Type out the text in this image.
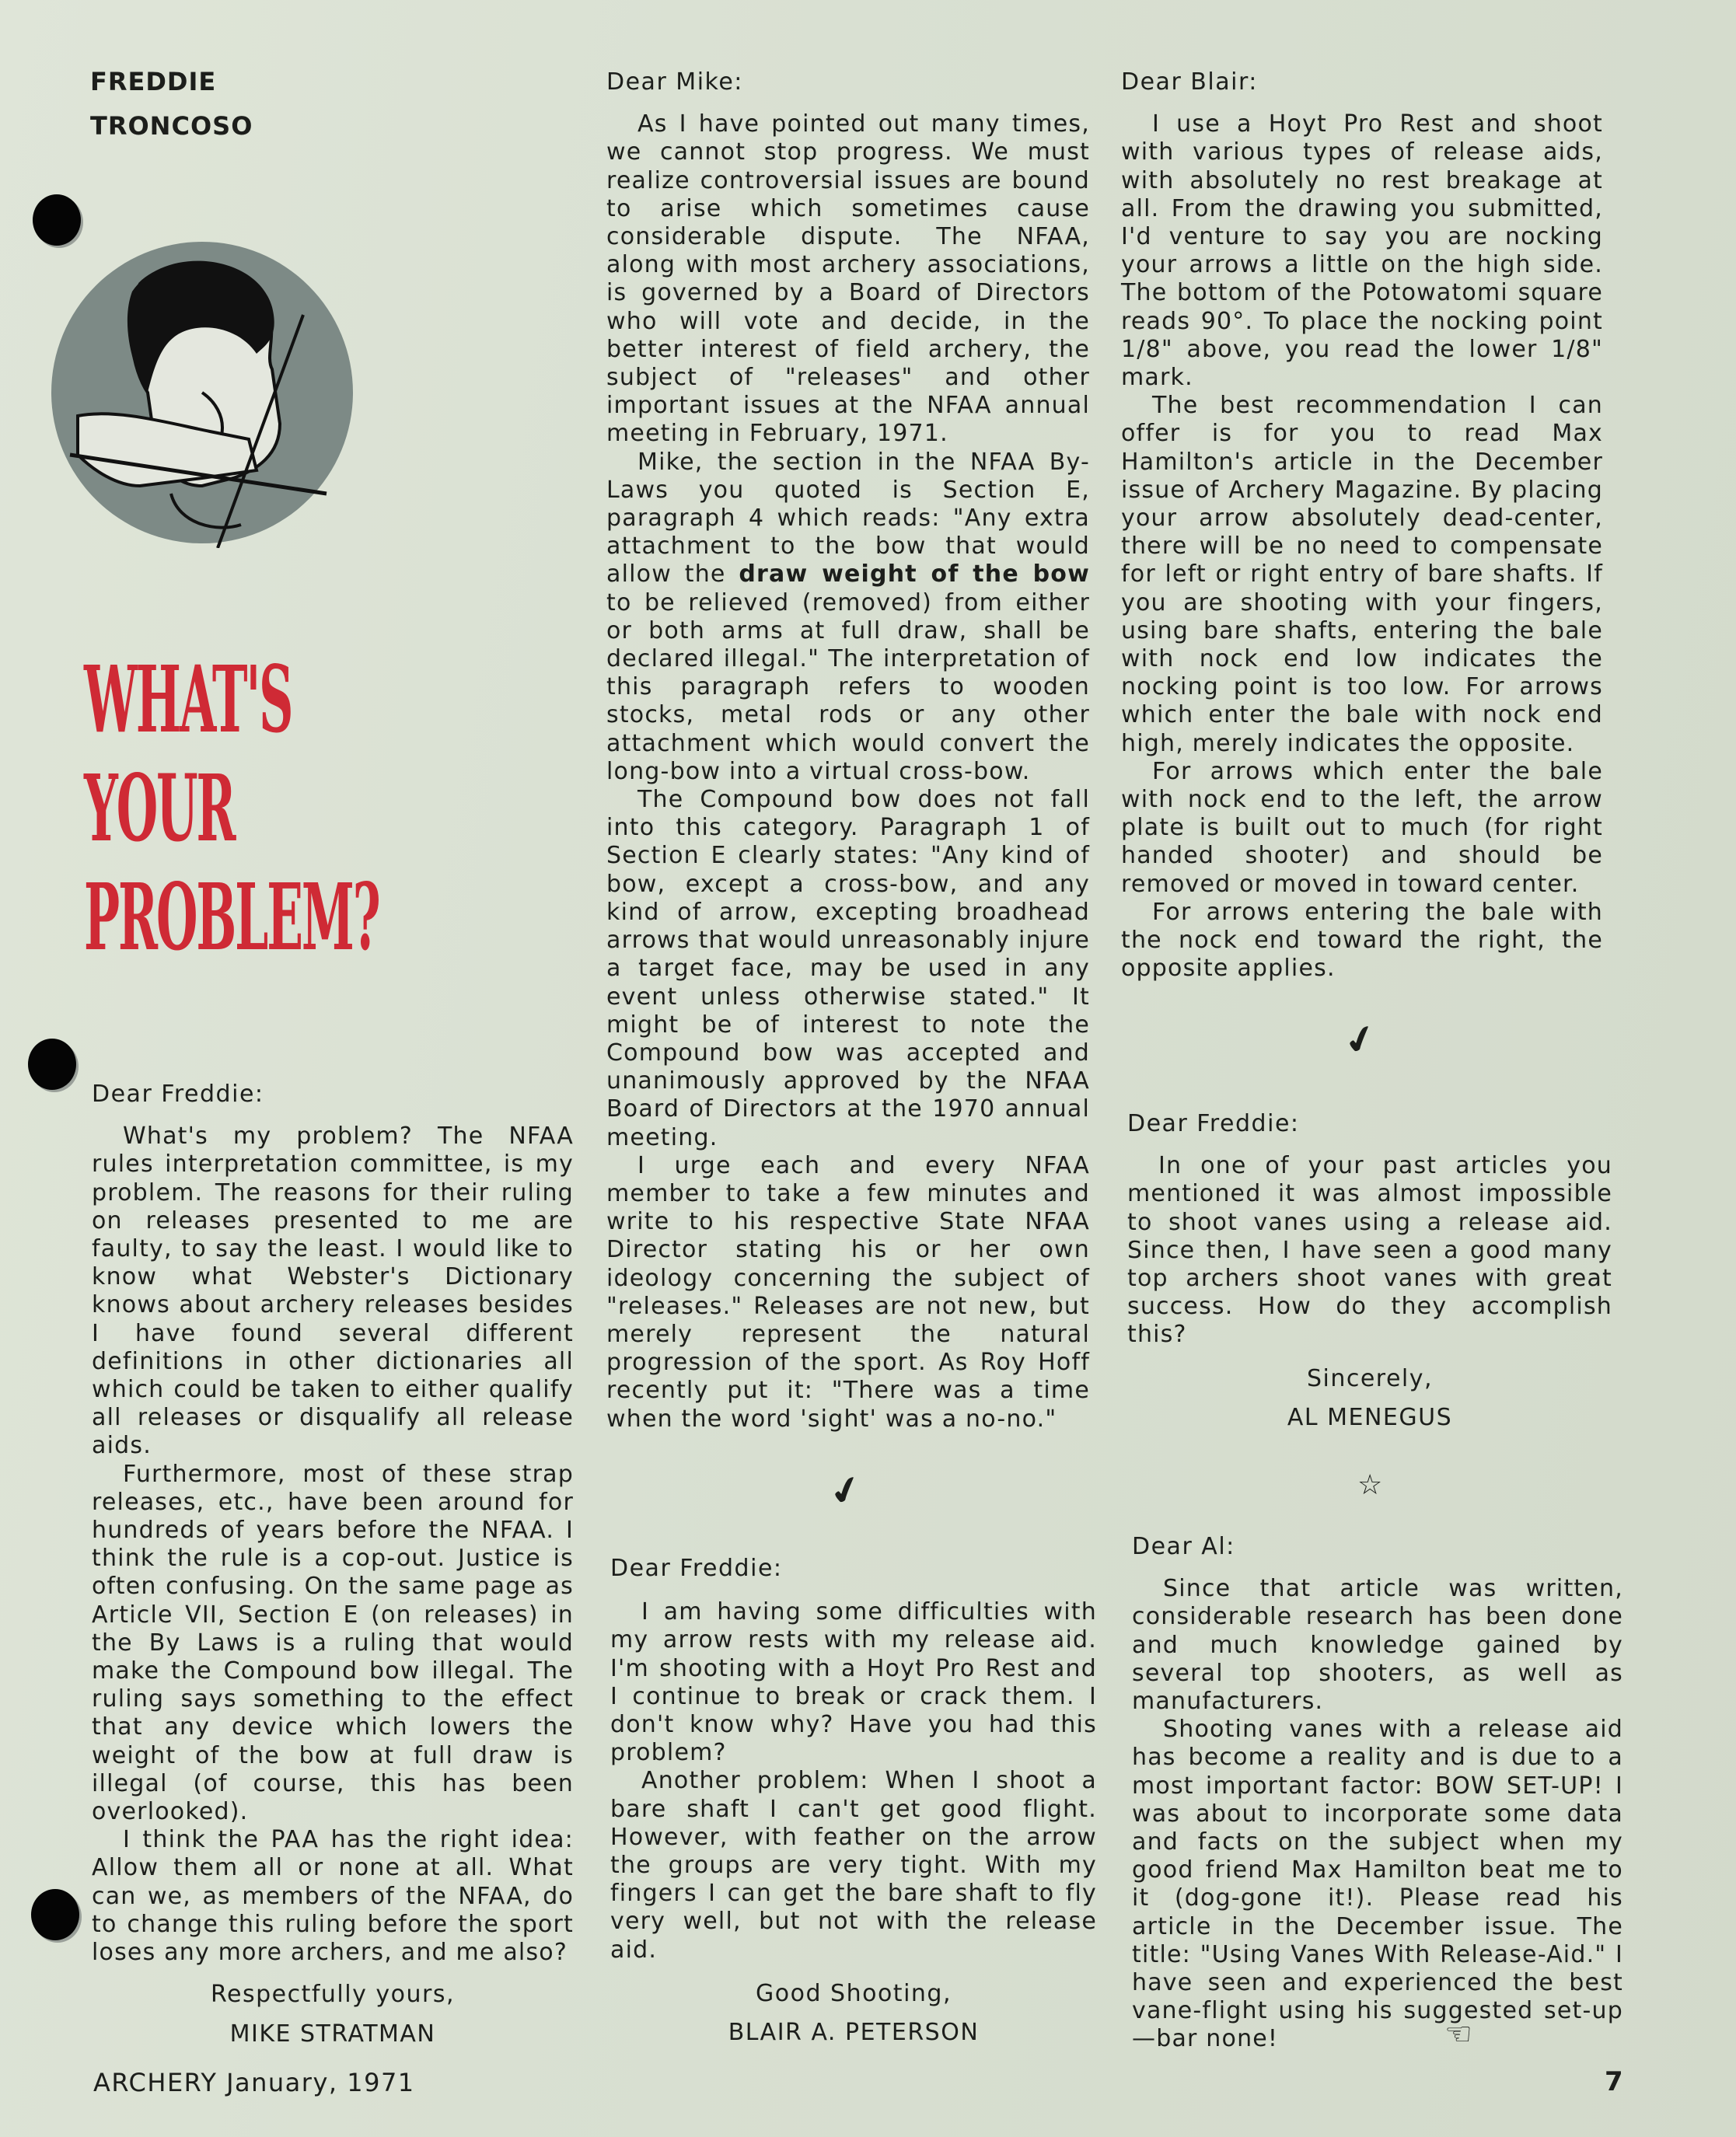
FREDDIE
TRONCOSO
WHAT'S
YOUR
PROBLEM?
Dear Freddie:

What's my problem? The NFAA rules interpretation committee, is my problem. The reasons for their ruling on releases presented to me are faulty, to say the least. I would like to know what Webster's Dictionary knows about archery releases besides I have found several different definitions in other dictionaries all which could be taken to either qualify all releases or disqualify all release aids.

Furthermore, most of these strap releases, etc., have been around for hundreds of years before the NFAA. I think the rule is a cop-out. Justice is often confusing. On the same page as Article VII, Section E (on releases) in the By Laws is a ruling that would make the Compound bow illegal. The ruling says something to the effect that any device which lowers the weight of the bow at full draw is illegal (of course, this has been overlooked).

I think the PAA has the right idea: Allow them all or none at all. What can we, as members of the NFAA, do to change this ruling before the sport loses any more archers, and me also?

Respectfully yours,
MIKE STRATMAN
Dear Mike:

As I have pointed out many times, we cannot stop progress. We must realize controversial issues are bound to arise which sometimes cause considerable dispute. The NFAA, along with most archery associations, is governed by a Board of Directors who will vote and decide, in the better interest of field archery, the subject of "releases" and other important issues at the NFAA annual meeting in February, 1971.

Mike, the section in the NFAA By-Laws you quoted is Section E, paragraph 4 which reads: "Any extra attachment to the bow that would allow the draw weight of the bow to be relieved (removed) from either or both arms at full draw, shall be declared illegal." The interpretation of this paragraph refers to wooden stocks, metal rods or any other attachment which would convert the long-bow into a virtual cross-bow.

The Compound bow does not fall into this category. Paragraph 1 of Section E clearly states: "Any kind of bow, except a cross-bow, and any kind of arrow, excepting broadhead arrows that would unreasonably injure a target face, may be used in any event unless otherwise stated." It might be of interest to note the Compound bow was accepted and unanimously approved by the NFAA Board of Directors at the 1970 annual meeting.

I urge each and every NFAA member to take a few minutes and write to his respective State NFAA Director stating his or her own ideology concerning the subject of "releases." Releases are not new, but merely represent the natural progression of the sport. As Roy Hoff recently put it: "There was a time when the word 'sight' was a no-no."

✔
Dear Freddie:

I am having some difficulties with my arrow rests with my release aid. I'm shooting with a Hoyt Pro Rest and I continue to break or crack them. I don't know why? Have you had this problem?

Another problem: When I shoot a bare shaft I can't get good flight. However, with feather on the arrow the groups are very tight. With my fingers I can get the bare shaft to fly very well, but not with the release aid.

Good Shooting,
BLAIR A. PETERSON
Dear Blair:

I use a Hoyt Pro Rest and shoot with various types of release aids, with absolutely no rest breakage at all. From the drawing you submitted, I'd venture to say you are nocking your arrows a little on the high side. The bottom of the Potowatomi square reads 90°. To place the nocking point 1/8" above, you read the lower 1/8" mark.

The best recommendation I can offer is for you to read Max Hamilton's article in the December issue of Archery Magazine. By placing your arrow absolutely dead-center, there will be no need to compensate for left or right entry of bare shafts. If you are shooting with your fingers, using bare shafts, entering the bale with nock end low indicates the nocking point is too low. For arrows which enter the bale with nock end high, merely indicates the opposite.

For arrows which enter the bale with nock end to the left, the arrow plate is built out to much (for right handed shooter) and should be removed or moved in toward center.

For arrows entering the bale with the nock end toward the right, the opposite applies.

✔
Dear Freddie:

In one of your past articles you mentioned it was almost impossible to shoot vanes using a release aid. Since then, I have seen a good many top archers shoot vanes with great success. How do they accomplish this?

Sincerely,
AL MENEGUS
☆
Dear Al:

Since that article was written, considerable research has been done and much knowledge gained by several top shooters, as well as manufacturers.

Shooting vanes with a release aid has become a reality and is due to a most important factor: BOW SET-UP! I was about to incorporate some data and facts on the subject when my good friend Max Hamilton beat me to it (dog-gone it!). Please read his article in the December issue. The title: "Using Vanes With Release-Aid." I have seen and experienced the best vane-flight using his suggested set-up—bar none!	☜
ARCHERY January, 1971	7
